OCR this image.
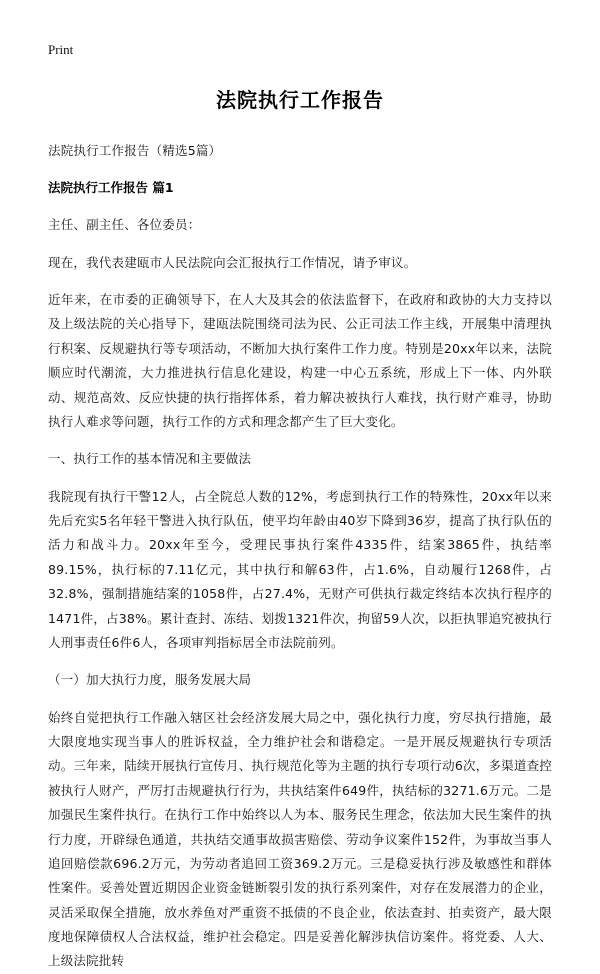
Print
法院执行工作报告

法院执行工作报告（精选5篇）

法院执行工作报告 篇1

主任、副主任、各位委员：

现在，我代表建瓯市人民法院向会汇报执行工作情况，请予审议。

近年来，在市委的正确领导下，在人大及其会的依法监督下，在政府和政协的大力支持以及上级法院的关心指导下，建瓯法院围绕司法为民、公正司法工作主线，开展集中清理执行积案、反规避执行等专项活动，不断加大执行案件工作力度。特别是20xx年以来，法院顺应时代潮流，大力推进执行信息化建设，构建一中心五系统，形成上下一体、内外联动、规范高效、反应快捷的执行指挥体系，着力解决被执行人难找，执行财产难寻，协助执行人难求等问题，执行工作的方式和理念都产生了巨大变化。

一、执行工作的基本情况和主要做法

我院现有执行干警12人，占全院总人数的12%，考虑到执行工作的特殊性，20xx年以来先后充实5名年轻干警进入执行队伍，使平均年龄由40岁下降到36岁，提高了执行队伍的活力和战斗力。20xx年至今，受理民事执行案件4335件，结案3865件，执结率89.15%，执行标的7.11亿元，其中执行和解63件，占1.6%，自动履行1268件，占32.8%，强制措施结案的1058件，占27.4%，无财产可供执行裁定终结本次执行程序的1471件，占38%。累计查封、冻结、划拨1321件次，拘留59人次，以拒执罪追究被执行人刑事责任6件6人，各项审判指标居全市法院前列。

（一）加大执行力度，服务发展大局

始终自觉把执行工作融入辖区社会经济发展大局之中，强化执行力度，穷尽执行措施，最大限度地实现当事人的胜诉权益，全力维护社会和谐稳定。一是开展反规避执行专项活动。三年来，陆续开展执行宣传月、执行规范化等为主题的执行专项行动6次，多渠道查控被执行人财产，严厉打击规避执行行为，共执结案件649件，执结标的3271.6万元。二是加强民生案件执行。在执行工作中始终以人为本、服务民生理念，依法加大民生案件的执行力度，开辟绿色通道，共执结交通事故损害赔偿、劳动争议案件152件，为事故当事人追回赔偿款696.2万元，为劳动者追回工资369.2万元。三是稳妥执行涉及敏感性和群体性案件。妥善处置近期因企业资金链断裂引发的执行系列案件，对存在发展潜力的企业，灵活采取保全措施，放水养鱼对严重资不抵债的不良企业，依法查封、拍卖资产，最大限度地保障债权人合法权益，维护社会稳定。四是妥善化解涉执信访案件。将党委、人大、上级法院批转
